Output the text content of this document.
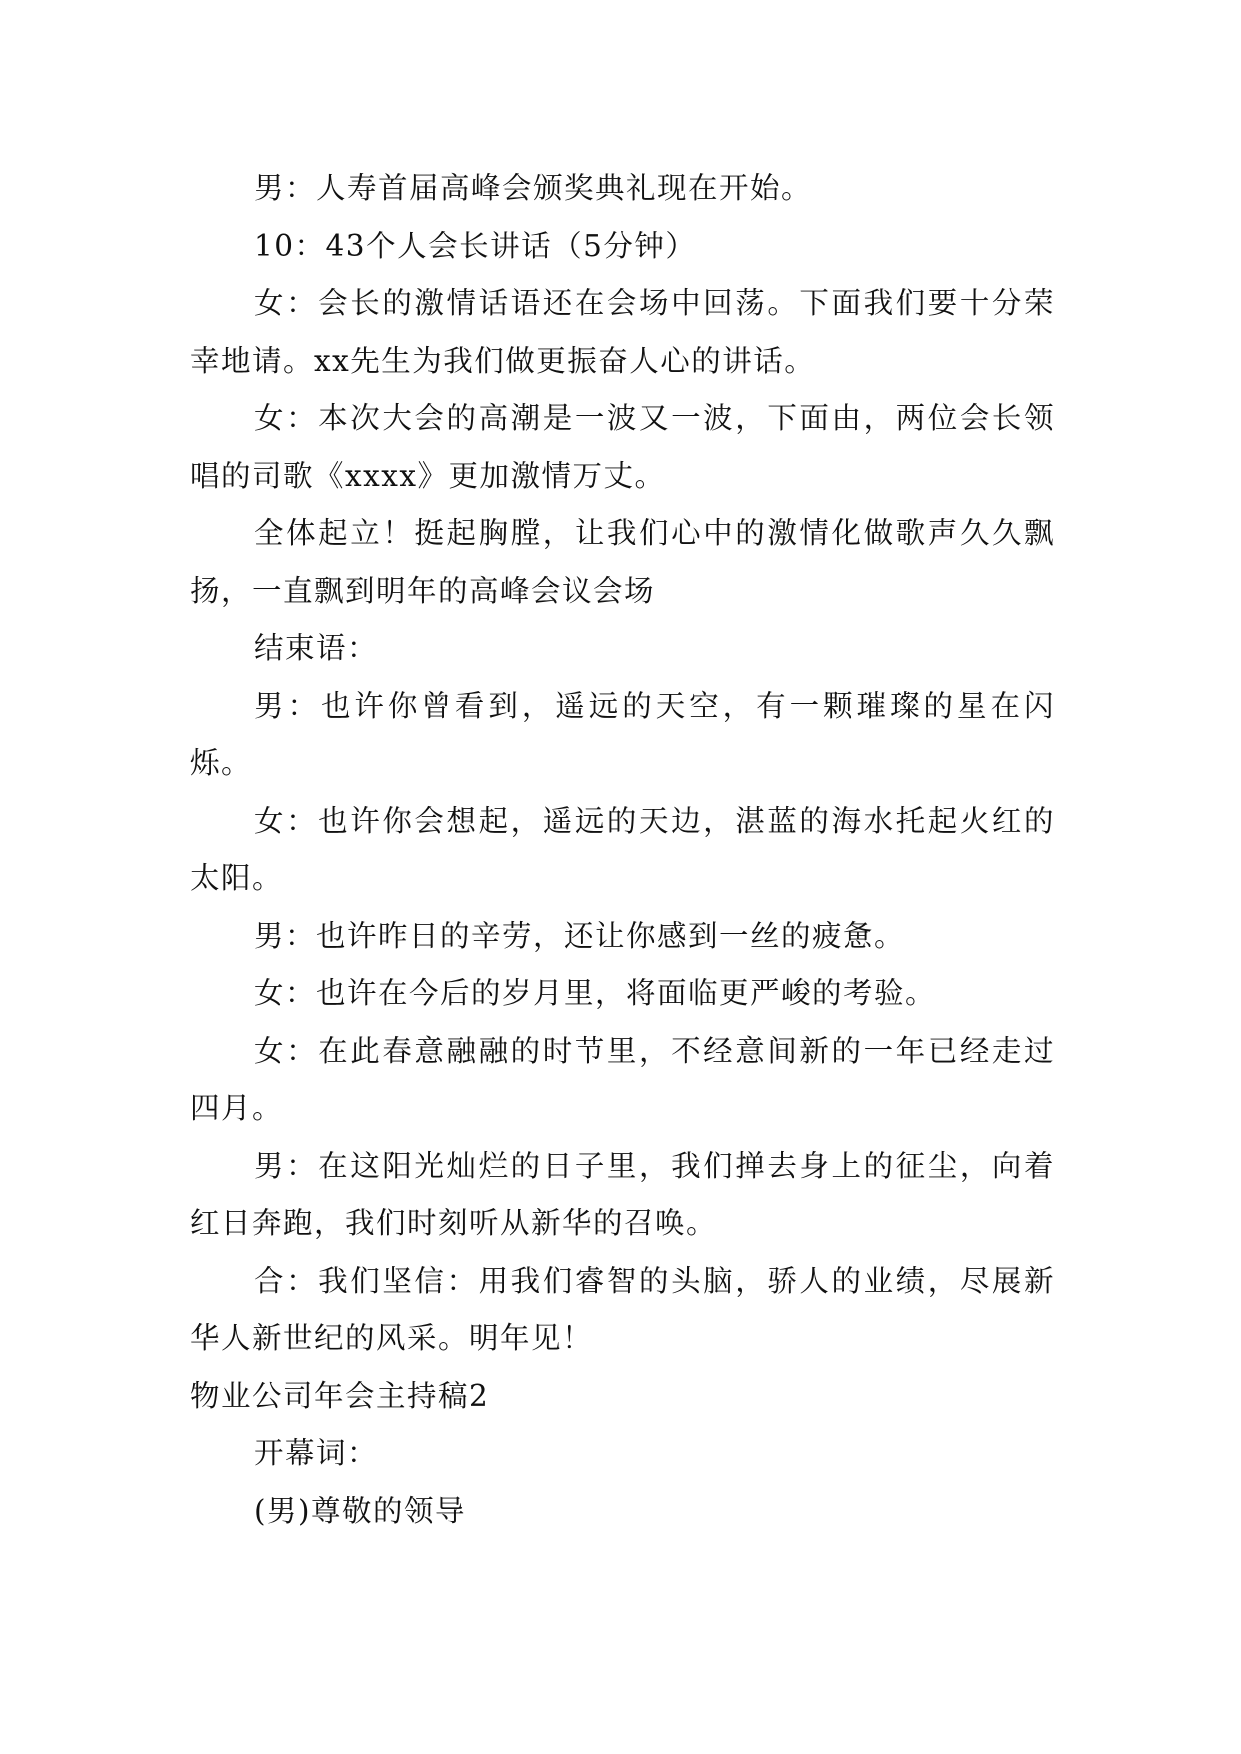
男：人寿首届高峰会颁奖典礼现在开始。

10：43个人会长讲话（5分钟）

女：会长的激情话语还在会场中回荡。下面我们要十分荣幸地请。xx先生为我们做更振奋人心的讲话。

女：本次大会的高潮是一波又一波，下面由，两位会长领唱的司歌《xxxx》更加激情万丈。

全体起立！挺起胸膛，让我们心中的激情化做歌声久久飘扬，一直飘到明年的高峰会议会场

结束语：

男：也许你曾看到，遥远的天空，有一颗璀璨的星在闪烁。

女：也许你会想起，遥远的天边，湛蓝的海水托起火红的太阳。

男：也许昨日的辛劳，还让你感到一丝的疲惫。

女：也许在今后的岁月里，将面临更严峻的考验。

女：在此春意融融的时节里，不经意间新的一年已经走过四月。

男：在这阳光灿烂的日子里，我们掸去身上的征尘，向着红日奔跑，我们时刻听从新华的召唤。

合：我们坚信：用我们睿智的头脑，骄人的业绩，尽展新华人新世纪的风采。明年见！

物业公司年会主持稿2

开幕词：

(男)尊敬的领导
